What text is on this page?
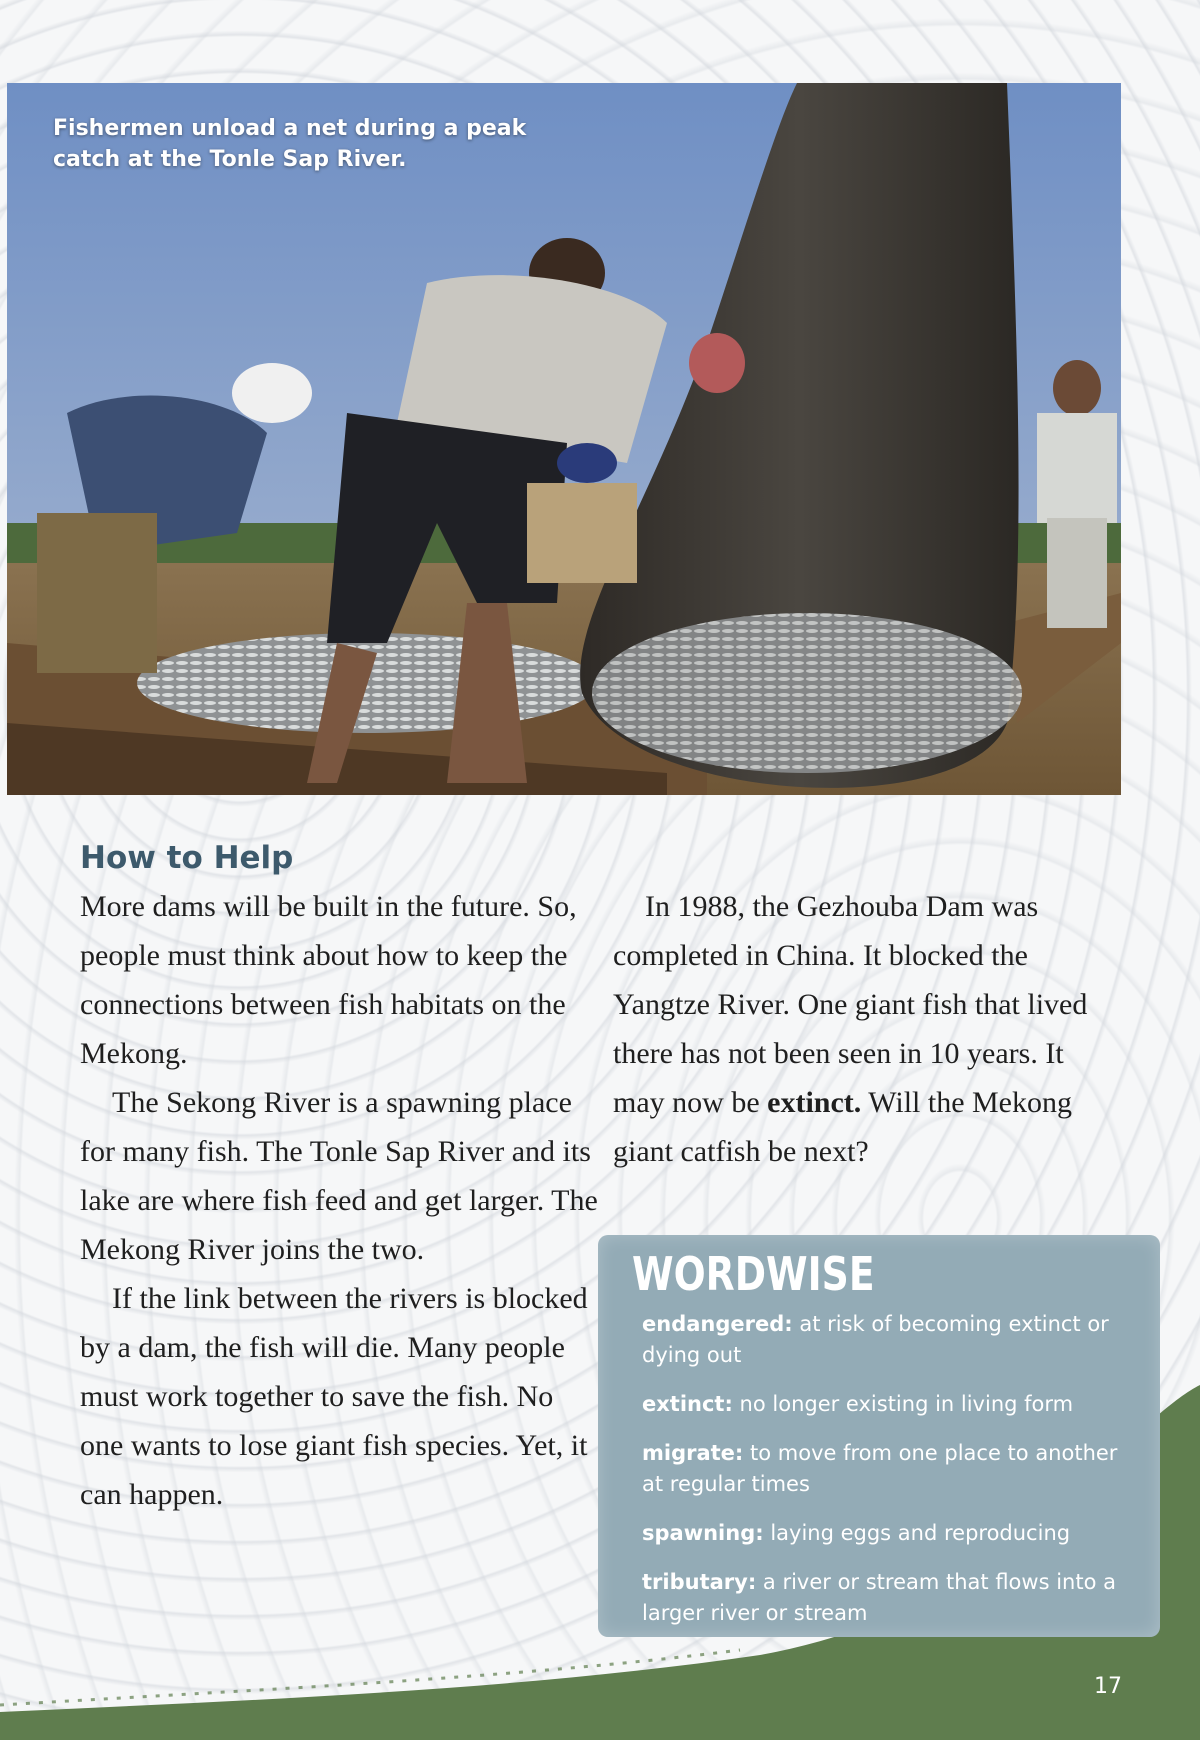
Fishermen unload a net during a peak catch at the Tonle Sap River.
How to Help

More dams will be built in the future. So, people must think about how to keep the connections between fish habitats on the Mekong.

The Sekong River is a spawning place for many fish. The Tonle Sap River and its lake are where fish feed and get larger. The Mekong River joins the two.

If the link between the rivers is blocked by a dam, the fish will die. Many people must work together to save the fish. No one wants to lose giant fish species. Yet, it can happen.

In 1988, the Gezhouba Dam was completed in China. It blocked the Yangtze River. One giant fish that lived there has not been seen in 10 years. It may now be extinct. Will the Mekong giant catfish be next?

WORDWISE
endangered: at risk of becoming extinct or dying out
extinct: no longer existing in living form
migrate: to move from one place to another at regular times
spawning: laying eggs and reproducing
tributary: a river or stream that flows into a larger river or stream
17
